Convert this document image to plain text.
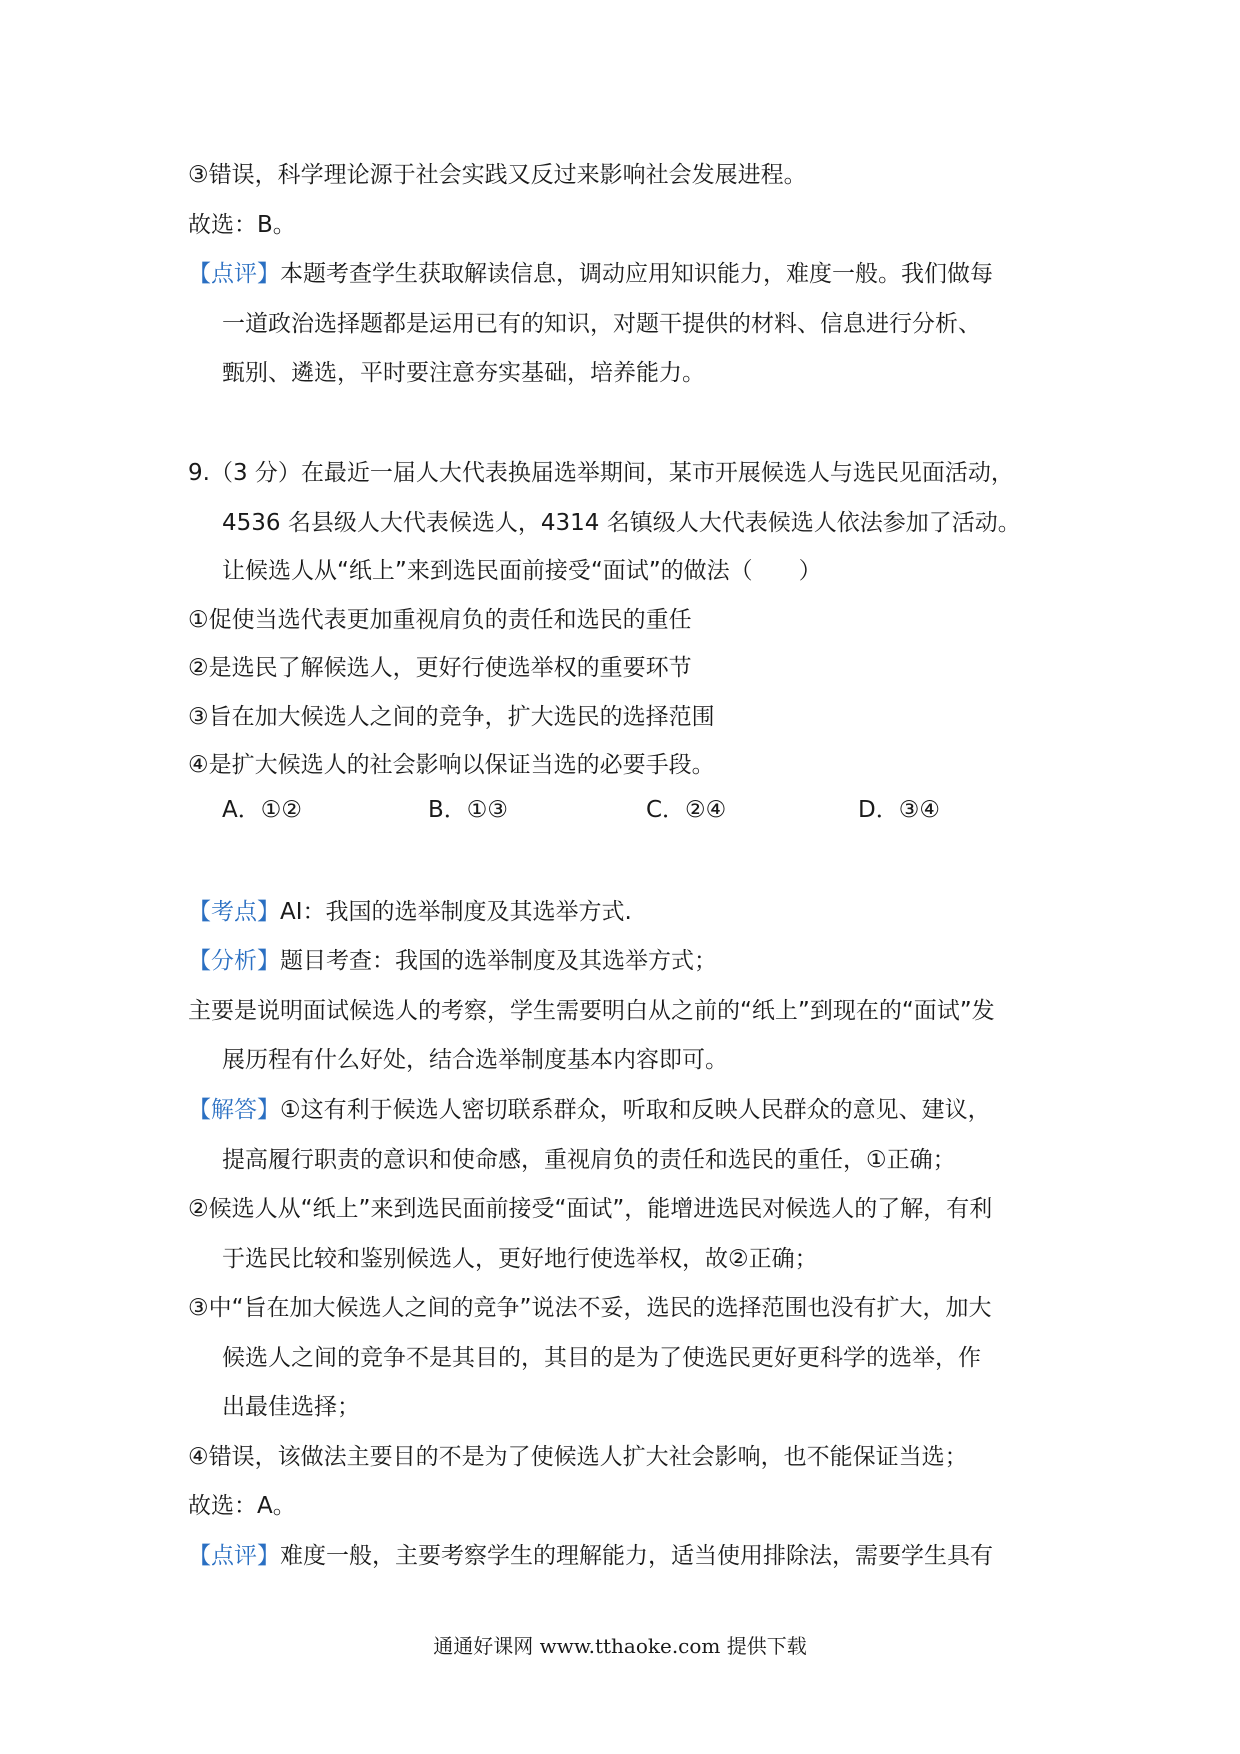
③错误，科学理论源于社会实践又反过来影响社会发展进程。
故选：B。
【点评】本题考查学生获取解读信息，调动应用知识能力，难度一般。我们做每
一道政治选择题都是运用已有的知识，对题干提供的材料、信息进行分析、
甄别、遴选，平时要注意夯实基础，培养能力。
9.（3 分）在最近一届人大代表换届选举期间，某市开展候选人与选民见面活动，
4536 名县级人大代表候选人，4314 名镇级人大代表候选人依法参加了活动。
让候选人从“纸上”来到选民面前接受“面试”的做法（　　）
①促使当选代表更加重视肩负的责任和选民的重任
②是选民了解候选人，更好行使选举权的重要环节
③旨在加大候选人之间的竞争，扩大选民的选择范围
④是扩大候选人的社会影响以保证当选的必要手段。
A．①②	B．①③	C．②④	D．③④
【考点】AI：我国的选举制度及其选举方式.
【分析】题目考查：我国的选举制度及其选举方式；
主要是说明面试候选人的考察，学生需要明白从之前的“纸上”到现在的“面试”发
展历程有什么好处，结合选举制度基本内容即可。
【解答】①这有利于候选人密切联系群众，听取和反映人民群众的意见、建议，
提高履行职责的意识和使命感，重视肩负的责任和选民的重任，①正确；
②候选人从“纸上”来到选民面前接受“面试”，能增进选民对候选人的了解，有利
于选民比较和鉴别候选人，更好地行使选举权，故②正确；
③中“旨在加大候选人之间的竞争”说法不妥，选民的选择范围也没有扩大，加大
候选人之间的竞争不是其目的，其目的是为了使选民更好更科学的选举，作
出最佳选择；
④错误，该做法主要目的不是为了使候选人扩大社会影响，也不能保证当选；
故选：A。
【点评】难度一般，主要考察学生的理解能力，适当使用排除法，需要学生具有
通通好课网 www.tthaoke.com 提供下载
